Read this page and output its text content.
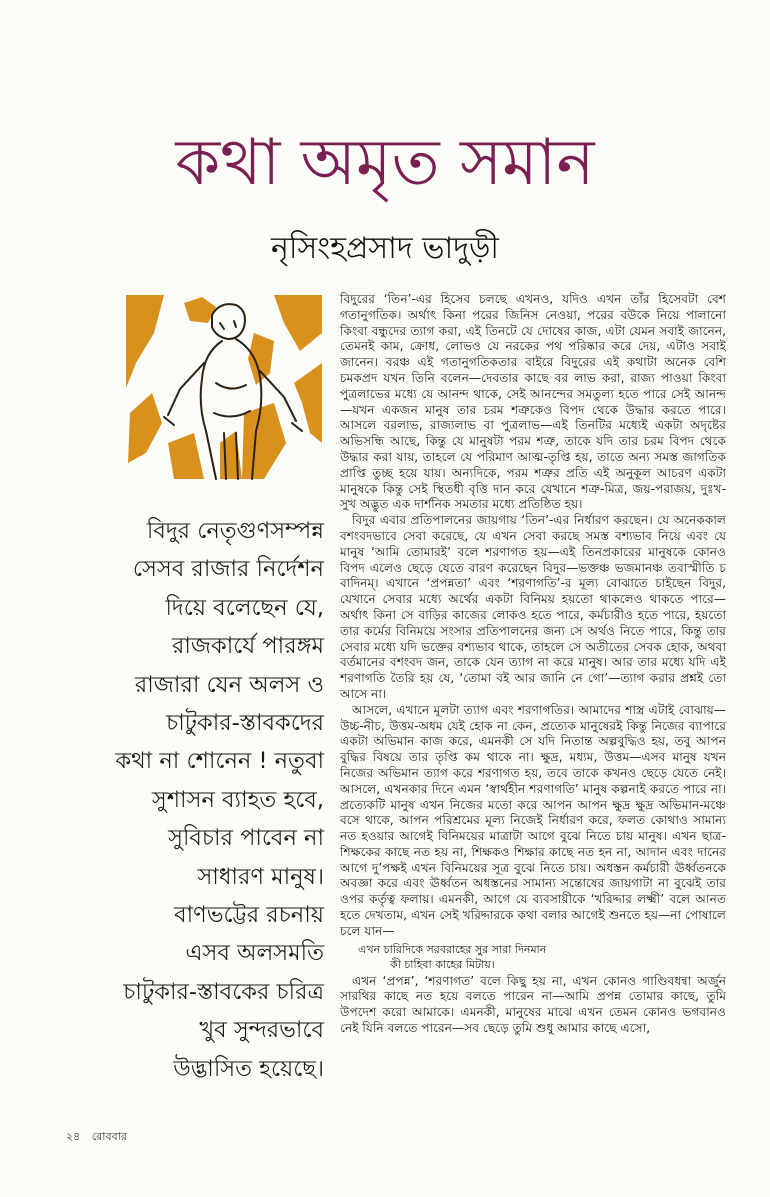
কথা অমৃত সমান
নৃসিংহপ্রসাদ ভাদুড়ী
বিদুর নেতৃগুণসম্পন্ন
সেসব রাজার নির্দেশন
দিয়ে বলেছেন যে,
রাজকার্যে পারঙ্গম
রাজারা যেন অলস ও
চাটুকার-স্তাবকদের
কথা না শোনেন ! নতুবা
সুশাসন ব্যাহত হবে,
সুবিচার পাবেন না
সাধারণ মানুষ।
বাণভট্টের রচনায়
এসব অলসমতি
চাটুকার-স্তাবকের চরিত্র
খুব সুন্দরভাবে
উদ্ভাসিত হয়েছে।

বিদুরের ‘তিন’-এর হিসেব চলছে এখনও, যদিও এখন তাঁর হিসেবটা বেশ গতানুগতিক। অর্থাৎ কিনা পরের জিনিস নেওয়া, পরের বউকে নিয়ে পালানো কিংবা বন্ধুদের ত্যাগ করা, এই তিনটে যে দোষের কাজ, এটা যেমন সবাই জানেন, তেমনই কাম, ক্রোধ, লোভও যে নরকের পথ পরিষ্কার করে দেয়, এটাও সবাই জানেন। বরঞ্চ এই গতানুগতিকতার বাইরে বিদুরের এই কথাটা অনেক বেশি চমকপ্রদ যখন তিনি বলেন—দেবতার কাছে বর লাভ করা, রাজ্য পাওয়া কিংবা পুত্রলাভের মধ্যে যে আনন্দ থাকে, সেই আনন্দের সমতুল্য হতে পারে সেই আনন্দ—যখন একজন মানুষ তার চরম শত্রুকেও বিপদ থেকে উদ্ধার করতে পারে। আসলে বরলাভ, রাজ্যলাভ বা পুত্রলাভ—এই তিনটির মধ্যেই একটা অদৃষ্টের অভিসন্ধি আছে, কিন্তু যে মানুষটা পরম শত্রু, তাকে যদি তার চরম বিপদ থেকে উদ্ধার করা যায়, তাহলে যে পরিমাণ আত্ম-তৃপ্তি হয়, তাতে অন্য সমস্ত জাগতিক প্রাপ্তি তুচ্ছ হয়ে যায়। অন্যদিকে, পরম শত্রুর প্রতি এই অনুকূল আচরণ একটা মানুষকে কিন্তু সেই স্থিতধী বৃত্তি দান করে যেখানে শত্রু-মিত্র, জয়-পরাজয়, দুঃখ-সুখ অদ্ভুত এক দার্শনিক সমতার মধ্যে প্রতিষ্ঠিত হয়।

বিদুর এবার প্রতিপালনের জায়গায় ‘তিন’-এর নির্ধারণ করছেন। যে অনেককাল বশংবদভাবে সেবা করেছে, যে এখন সেবা করছে সমস্ত বশ্যভাব নিয়ে এবং যে মানুষ ‘আমি তোমারই’ বলে শরণাগত হয়—এই তিনপ্রকারের মানুষকে কোনও বিপদ এলেও ছেড়ে যেতে বারণ করেছেন বিদুর—ভক্তঞ্চ ভজমানঞ্চ তবাস্মীতি চ বাদিনম্। এখানে ‘প্রপন্নতা’ এবং ‘শরণাগতি’-র মূল্য বোঝাতে চাইছেন বিদুর, যেখানে সেবার মধ্যে অর্থের একটা বিনিময় হয়তো থাকলেও থাকতে পারে—অর্থাৎ কিনা সে বাড়ির কাজের লোকও হতে পারে, কর্মচারীও হতে পারে, হয়তো তার কর্মের বিনিময়ে সংসার প্রতিপালনের জন্য সে অর্থও নিতে পারে, কিন্তু তার সেবার মধ্যে যদি ভক্তের বশ্যভাব থাকে, তাহলে সে অতীতের সেবক হোক, অথবা বর্তমানের বশংবদ জন, তাকে যেন ত্যাগ না করে মানুষ। আর তার মধ্যে যদি এই শরণাগতি তৈরি হয় যে, ‘তোমা বই আর জানি নে গো’—ত্যাগ করার প্রশ্নই তো আসে না।

আসলে, এখানে মূলটা ত্যাগ এবং শরণাগতির। আমাদের শাস্ত্র এটাই বোঝায়—উচ্চ-নীচ, উত্তম-অধম যেই হোক না কেন, প্রত্যেক মানুষেরই কিন্তু নিজের ব্যাপারে একটা অভিমান কাজ করে, এমনকী সে যদি নিতান্ত অল্পবুদ্ধিও হয়, তবু আপন বুদ্ধির বিষয়ে তার তৃপ্তি কম থাকে না। ক্ষুদ্র, মধ্যম, উত্তম—এসব মানুষ যখন নিজের অভিমান ত্যাগ করে শরণাগত হয়, তবে তাকে কখনও ছেড়ে যেতে নেই। আসলে, এখনকার দিনে এমন ‘স্বার্থহীন শরণাগতি’ মানুষ কল্পনাই করতে পারে না। প্রত্যেকটি মানুষ এখন নিজের মতো করে আপন আপন ক্ষুদ্র ক্ষুদ্র অভিমান-মঞ্চে বসে থাকে, আপন পরিশ্রমের মূল্য নিজেই নির্ধারণ করে, ফলত কোথাও সামান্য নত হওয়ার আগেই বিনিময়ের মাত্রাটা আগে বুঝে নিতে চায় মানুষ। এখন ছাত্র-শিক্ষকের কাছে নত হয় না, শিক্ষকও শিক্ষার কাছে নত হন না, আদান এবং দানের আগে দু’পক্ষই এখন বিনিময়ের সূত্র বুঝে নিতে চায়। অধস্তন কর্মচারী ঊর্ধ্বতনকে অবজ্ঞা করে এবং ঊর্ধ্বতন অধস্তনের সামান্য সন্তোষের জায়গাটা না বুঝেই তার ওপর কর্তৃত্ব ফলায়। এমনকী, আগে যে ব্যবসায়ীকে ‘খরিদ্দার লক্ষ্মী’ বলে আনত হতে দেখতাম, এখন সেই খরিদ্দারকে কথা বলার আগেই শুনতে হয়—না পোষালে চলে যান—

এখন চারিদিকে সরবরাহের সুর সারা দিনমান
কী চাহিবা কাহের মিটায়।

এখন ‘প্রপন্ন’, ‘শরণাগত’ বলে কিছু হয় না, এখন কোনও গাণ্ডিবধন্বা অর্জুন সারথির কাছে নত হয়ে বলতে পারেন না—আমি প্রপন্ন তোমার কাছে, তুমি উপদেশ করো আমাকে। এমনকী, মানুষের মাঝে এখন তেমন কোনও ভগবানও নেই যিনি বলতে পারেন—সব ছেড়ে তুমি শুধু আমার কাছে এসো,

২৪ রোববার
